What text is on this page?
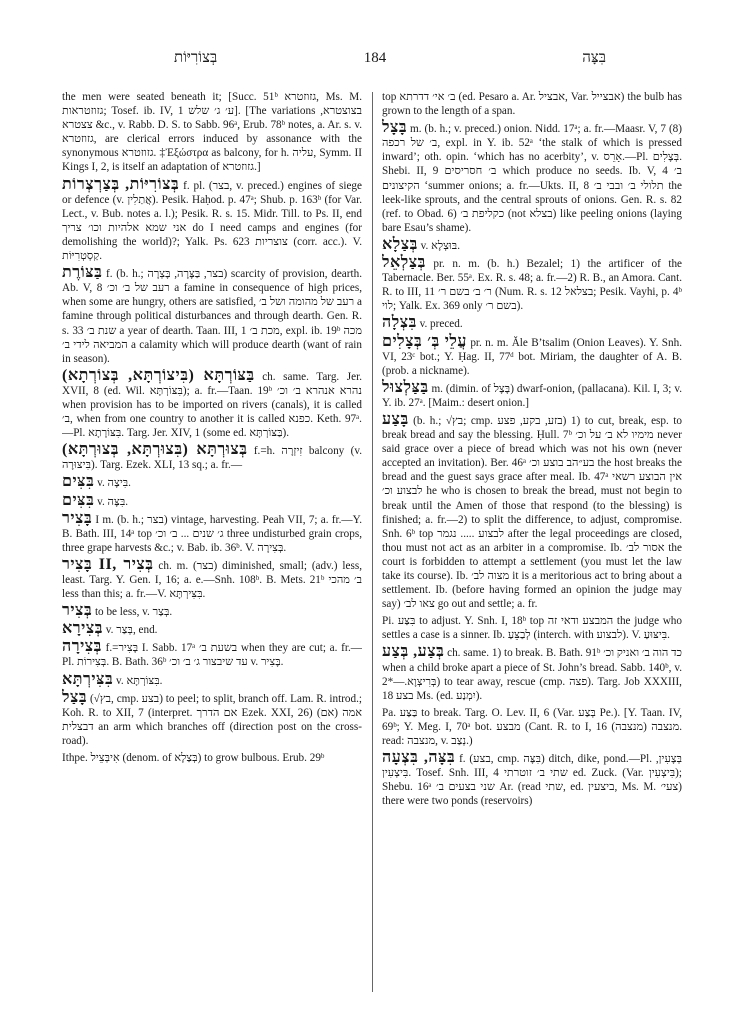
בְּצוֹרִיּוֹת	184	בִּצָּה

the men were seated beneath it; [Succ. 51ᵇ גזוזטרא, Ms. M. גזוזטראות; Tosef. ib. IV, 1 ע׳ ג׳ שלש]. [The variations בצוצטרא, צצטרא &c., v. Rabb. D. S. to Sabb. 96ᵃ, Erub. 78ᵇ notes, a. Ar. s. v. גזוזטרא, are clerical errors induced by assonance with the synonymous גזוזטרא. ‡Ἐξώστρα as balcony, for h. עליה, Symm. II Kings I, 2, is itself an adaptation of גזוזטרא.]

בְּצוֹרִיּוֹת, בְּצַרְצְרוֹת f. pl. (בצר, v. preced.) engines of siege or defence (v. אֲתַלִין). Pesik. Haḥod. p. 47ᵃ; Shub. p. 163ᵇ (for Var. Lect., v. Bub. notes a. l.); Pesik. R. s. 15. Midr. Till. to Ps. II, end אני שמא אלהיות וכו׳ צריך do I need camps and engines (for demolishing the world)?; Yalk. Ps. 623 צוצריות (corr. acc.). V. קַסְטְרִיּוֹת.

בַּצּוֹרֶת f. (b. h.; בצר, בַּצָּרָה, בָּצְרָה) scarcity of provision, dearth. Ab. V, 8 רעב של ב׳ וכ׳ a famine in consequence of high prices, when some are hungry, others are satisfied, רעב של מהומה ושל ב׳ a famine through political disturbances and through dearth. Gen. R. s. 33 שנת ב׳ a year of dearth. Taan. III, 1 מכת ב׳, expl. ib. 19ᵇ מכה המביאה לידי ב׳ a calamity which will produce dearth (want of rain in season).

בַּצּוֹרְתָּא (בִּיצוֹרְתָּא, בְּצוֹרְתָא) ch. same. Targ. Jer. XVII, 8 (ed. Wil. בִּצּוֹרְתָּא); a. fr.—Taan. 19ᵇ נהרא אנהרא ב׳ וכ׳ when provision has to be imported on rivers (canals), it is called ב׳, when from one country to another it is called כפנא. Keth. 97ᵃ.—Pl. בִּצּוֹרָתָא. Targ. Jer. XIV, 1 (some ed. בַּצּוֹרְתָּא).

בְּצוּרְתָּא (בִּצוּרְתָּא, בְּצוּרְתָּא) f.=h. זִיזְרָה balcony (v. בִּיצוּרָה). Targ. Ezek. XLI, 13 sq.; a. fr.—

בִּצִּים v. בִּיצָה.

בִּצִּים v. בִּצָּה.

בָּצִיר I m. (b. h.; בצר) vintage, harvesting. Peah VII, 7; a. fr.—Y. B. Bath. III, 14ᵃ top ג׳ שנים ... ב׳ וכ׳ three undisturbed grain crops, three grape harvests &c.; v. Bab. ib. 36ᵇ. V. בְּצִירָה.

בָּצִיר II, בְּצִיר ch. m. (בצר) diminished, small; (adv.) less, least. Targ. Y. Gen. I, 16; a. e.—Snh. 108ᵇ. B. Mets. 21ᵇ ב׳ מהכי less than this; a. fr.—V. בִּצִּירְתָּא.

בְּצִיר to be less, v. בְּצַר.

בְּצִירָא v. בְּצַר, end.

בְּצִירָה f.=בָּצִיר I. Sabb. 17ᵃ בשעת ב׳ when they are cut; a. fr.—Pl. בְּצִירוֹת. B. Bath. 36ᵇ עד שיבצור ג׳ ב׳ וכ׳ v. בָּצִיר.

בִּצִּירְתָּא v. בִּצּוֹרְתָּא.

בָּצַל (√בץ, cmp. בצע) to peel; to split, branch off. Lam. R. introd.; Koh. R. to XII, 7 (interpret. אם הדרך Ezek. XXI, 26) (אם) אמה דבצלית an arm which branches off (direction post on the cross-road).

Ithpe. אִיבְּצֵיל (denom. of בְּצַלָא) to grow bulbous. Erub. 29ᵇ

top ב׳ אי׳ דדרתא (ed. Pesaro a. Ar. אבציל, Var. אבצייל) the bulb has grown to the length of a span.

בָּצָל m. (b. h.; v. preced.) onion. Nidd. 17ᵃ; a. fr.—Maasr. V, 7 (8) ב׳ של רכפה, expl. in Y. ib. 52ᵃ ‘the stalk of which is pressed inward’; oth. opin. ‘which has no acerbity’, v. אָרֵס.—Pl. בְּצָלִים. Shebi. II, 9 ב׳ חסריסים which produce no seeds. Ib. V, 4 ב׳ הקיצונים ‘summer onions; a. fr.—Ukts. II, 8 תלולי ב׳ ובבי ב׳ the leek-like sprouts, and the central sprouts of onions. Gen. R. s. 82 (ref. to Obad. 6) כקליפת ב׳ (not בצלא) like peeling onions (laying bare Esau’s shame).

בְּצַלָא v. בּוּצְלָא.

בְּצַלְאֵל pr. n. m. (b. h.) Bezalel; 1) the artificer of the Tabernacle. Ber. 55ᵃ. Ex. R. s. 48; a. fr.—2) R. B., an Amora. Cant. R. to III, 11 ר׳ ב׳ בשם ר׳ (Num. R. s. 12 בצלאל; Pesik. Vayhi, p. 4ᵇ לוי; Yalk. Ex. 369 only בשם ר׳).

בִּצְלָה v. preced.

עֲלֵי בְּ׳ בְּצָלִים pr. n. m. Ăle B’tsalim (Onion Leaves). Y. Snh. VI, 23ᶜ bot.; Y. Ḥag. II, 77ᵈ bot. Miriam, the daughter of A. B. (prob. a nickname).

בַּצַּלְצוּל m. (dimin. of בָּצָל) dwarf-onion, (pallacana). Kil. I, 3; v. Y. ib. 27ᵃ. [Maim.: desert onion.]

בָּצַע (b. h.; √בץ; cmp. בזע, בקע, פצע) 1) to cut, break, esp. to break bread and say the blessing. Ḥull. 7ᵇ מימיו לא ב׳ על וכ׳ never said grace over a piece of bread which was not his own (never accepted an invitation). Ber. 46ᵃ בע״הב בוצע וכ׳ the host breaks the bread and the guest says grace after meal. Ib. 47ᵃ אין הבוצע רשאי לבצוע וכ׳ he who is chosen to break the bread, must not begin to break until the Amen of those that respond (to the blessing) is finished; a. fr.—2) to split the difference, to adjust, compromise. Snh. 6ᵇ top לבצוע ..... נגמר after the legal proceedings are closed, thou must not act as an arbiter in a compromise. Ib. אסור לב׳ the court is forbidden to attempt a settlement (you must let the law take its course). Ib. מצוה לב׳ it is a meritorious act to bring about a settlement. Ib. (before having formed an opinion the judge may say) צאו לב׳ go out and settle; a. fr.

Pi. בִּצַּע to adjust. Y. Snh. I, 18ᵇ top המבצע ודאי זה the judge who settles a case is a sinner. Ib. לְבַצֵּעַ (interch. with לבצוע). V. בִּיצּוּעַ.

בְּצַע, בְּצַע ch. same. 1) to break. B. Bath. 91ᵇ כד הוה ב׳ ואניק וכ׳ when a child broke apart a piece of St. John’s bread. Sabb. 140ᵇ, v. בְּרִיצְוָא.—*2) to tear away, rescue (cmp. פצה). Targ. Job XXXIII, 18 בצע Ms. (ed. יִמְנַע).

Pa. בַּצַּע to break. Targ. O. Lev. II, 6 (Var. בְּצַע Pe.). [Y. Taan. IV, 69ᵇ; Y. Meg. I, 70ᵃ bot. מבצע (Cant. R. to I, 16 מנצבה (מנצבה). read: מנצבה, v. נְצַב.)

בִּצָּה, בִּצְעָה f. (בצע, cmp. בִּצָּה) ditch, dike, pond.—Pl. בְּצָעִין, בִּיצְעִין. Tosef. Snh. III, 4 שתי ב׳ זוטרתי ed. Zuck. (Var. בִּיצְעִין); Shebu. 16ᵃ שני בצעים ב׳ Ar. (read שתי, ed. ביצעין, Ms. M. צעי׳) there were two ponds (reservoirs)
